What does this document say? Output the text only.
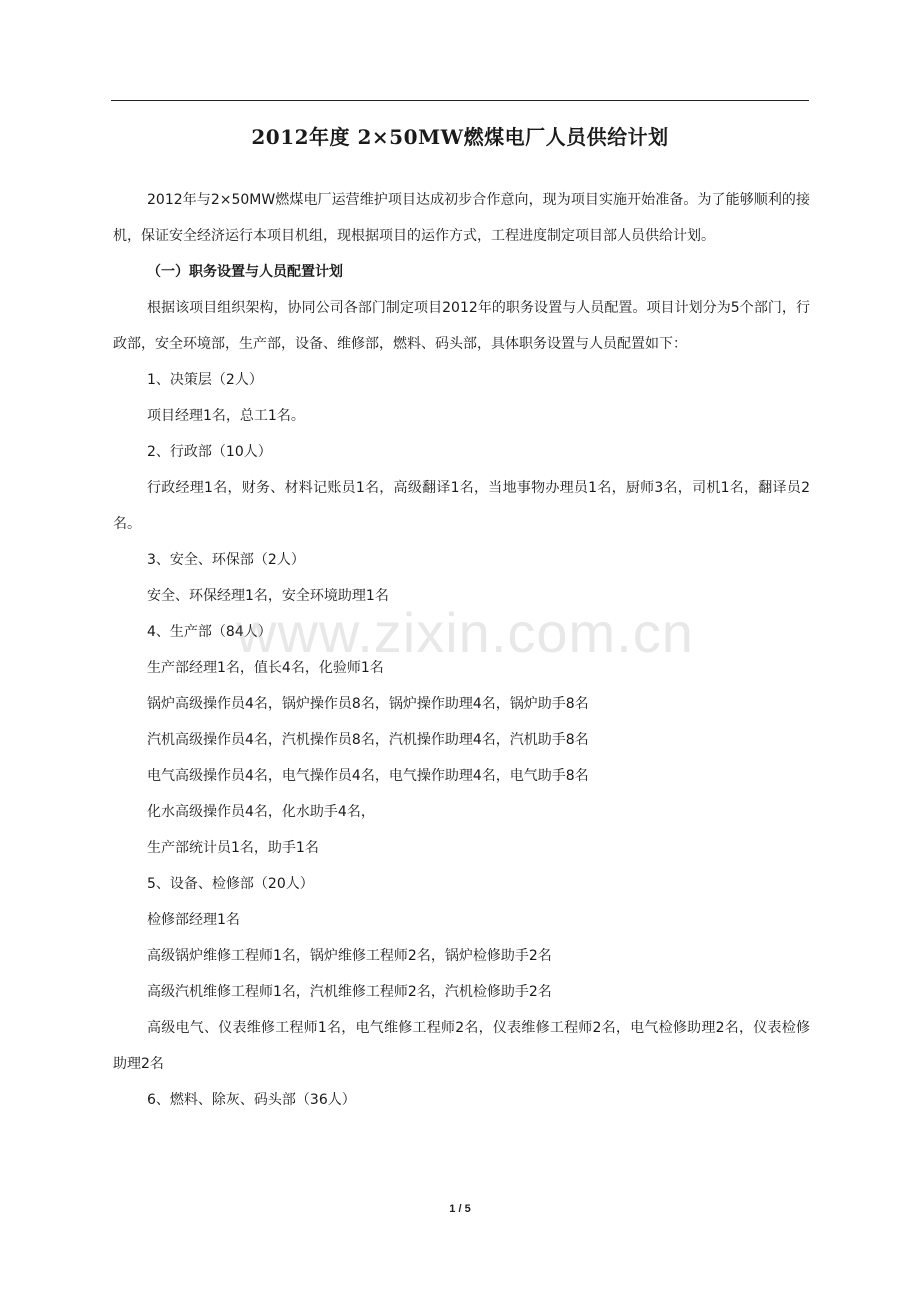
2012年度 2×50MW燃煤电厂人员供给计划

2012年与2×50MW燃煤电厂运营维护项目达成初步合作意向，现为项目实施开始准备。为了能够顺利的接机，保证安全经济运行本项目机组，现根据项目的运作方式，工程进度制定项目部人员供给计划。

（一）职务设置与人员配置计划

根据该项目组织架构，协同公司各部门制定项目2012年的职务设置与人员配置。项目计划分为5个部门，行政部，安全环境部，生产部，设备、维修部，燃料、码头部，具体职务设置与人员配置如下：

1、决策层（2人）

项目经理1名，总工1名。

2、行政部（10人）

行政经理1名，财务、材料记账员1名，高级翻译1名，当地事物办理员1名，厨师3名，司机1名，翻译员2名。

3、安全、环保部（2人）

安全、环保经理1名，安全环境助理1名

4、生产部（84人）

生产部经理1名，值长4名，化验师1名

锅炉高级操作员4名，锅炉操作员8名，锅炉操作助理4名，锅炉助手8名

汽机高级操作员4名，汽机操作员8名，汽机操作助理4名，汽机助手8名

电气高级操作员4名，电气操作员4名，电气操作助理4名，电气助手8名

化水高级操作员4名，化水助手4名，

生产部统计员1名，助手1名

5、设备、检修部（20人）

检修部经理1名

高级锅炉维修工程师1名，锅炉维修工程师2名，锅炉检修助手2名

高级汽机维修工程师1名，汽机维修工程师2名，汽机检修助手2名

高级电气、仪表维修工程师1名，电气维修工程师2名，仪表维修工程师2名，电气检修助理2名，仪表检修助理2名

6、燃料、除灰、码头部（36人）

www.zixin.com.cn
1 / 5
